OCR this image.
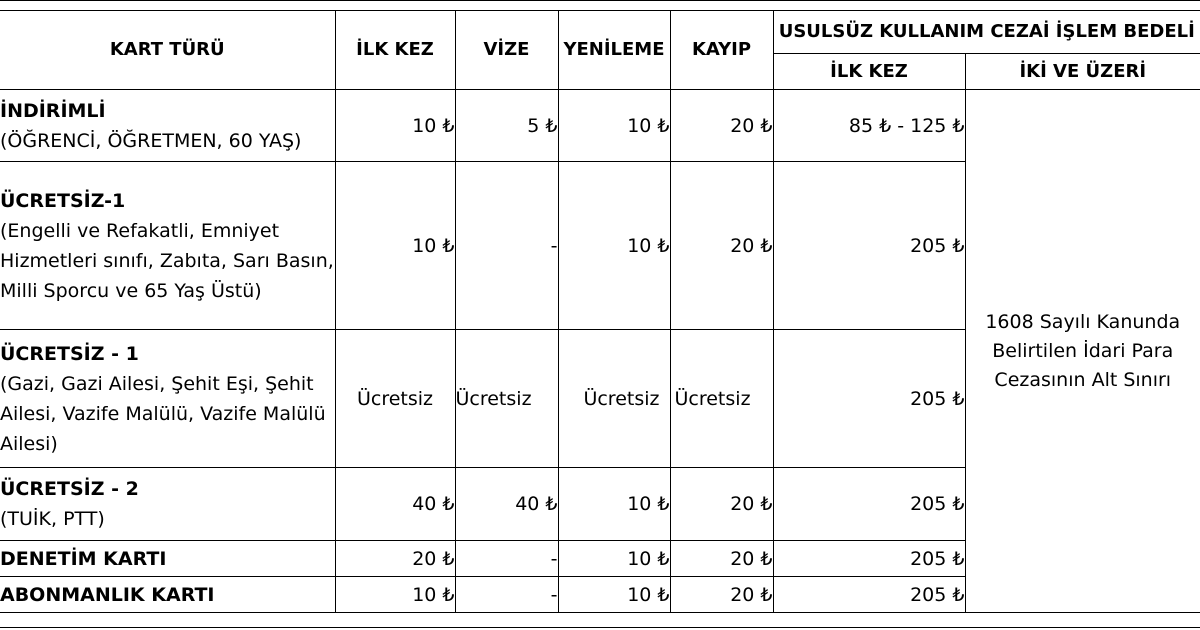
KART TÜRÜ	İLK KEZ	VİZE	YENİLEME	KAYIP	USULSÜZ KULLANIM CEZAİ İŞLEM BEDELİ	
					İLK KEZ	İKİ VE ÜZERİ

İNDİRİMLİ
(ÖĞRENCİ, ÖĞRETMEN, 60 YAŞ)	10 ₺	5 ₺	10 ₺	20 ₺	85 ₺ - 125 ₺	1608 Sayılı Kanunda Belirtilen İdari Para Cezasının Alt Sınırı

ÜCRETSİZ-1
(Engelli ve Refakatli, Emniyet Hizmetleri sınıfı, Zabıta, Sarı Basın, Milli Sporcu ve 65 Yaş Üstü)	10 ₺	-	10 ₺	20 ₺	205 ₺	

ÜCRETSİZ - 1
(Gazi, Gazi Ailesi, Şehit Eşi, Şehit Ailesi, Vazife Malülü, Vazife Malülü Ailesi)	Ücretsiz	Ücretsiz	Ücretsiz	Ücretsiz	205 ₺	

ÜCRETSİZ - 2
(TUİK, PTT)	40 ₺	40 ₺	10 ₺	20 ₺	205 ₺	

DENETİM KARTI	20 ₺	-	10 ₺	20 ₺	205 ₺	

ABONMANLIK KARTI	10 ₺	-	10 ₺	20 ₺	205 ₺	
